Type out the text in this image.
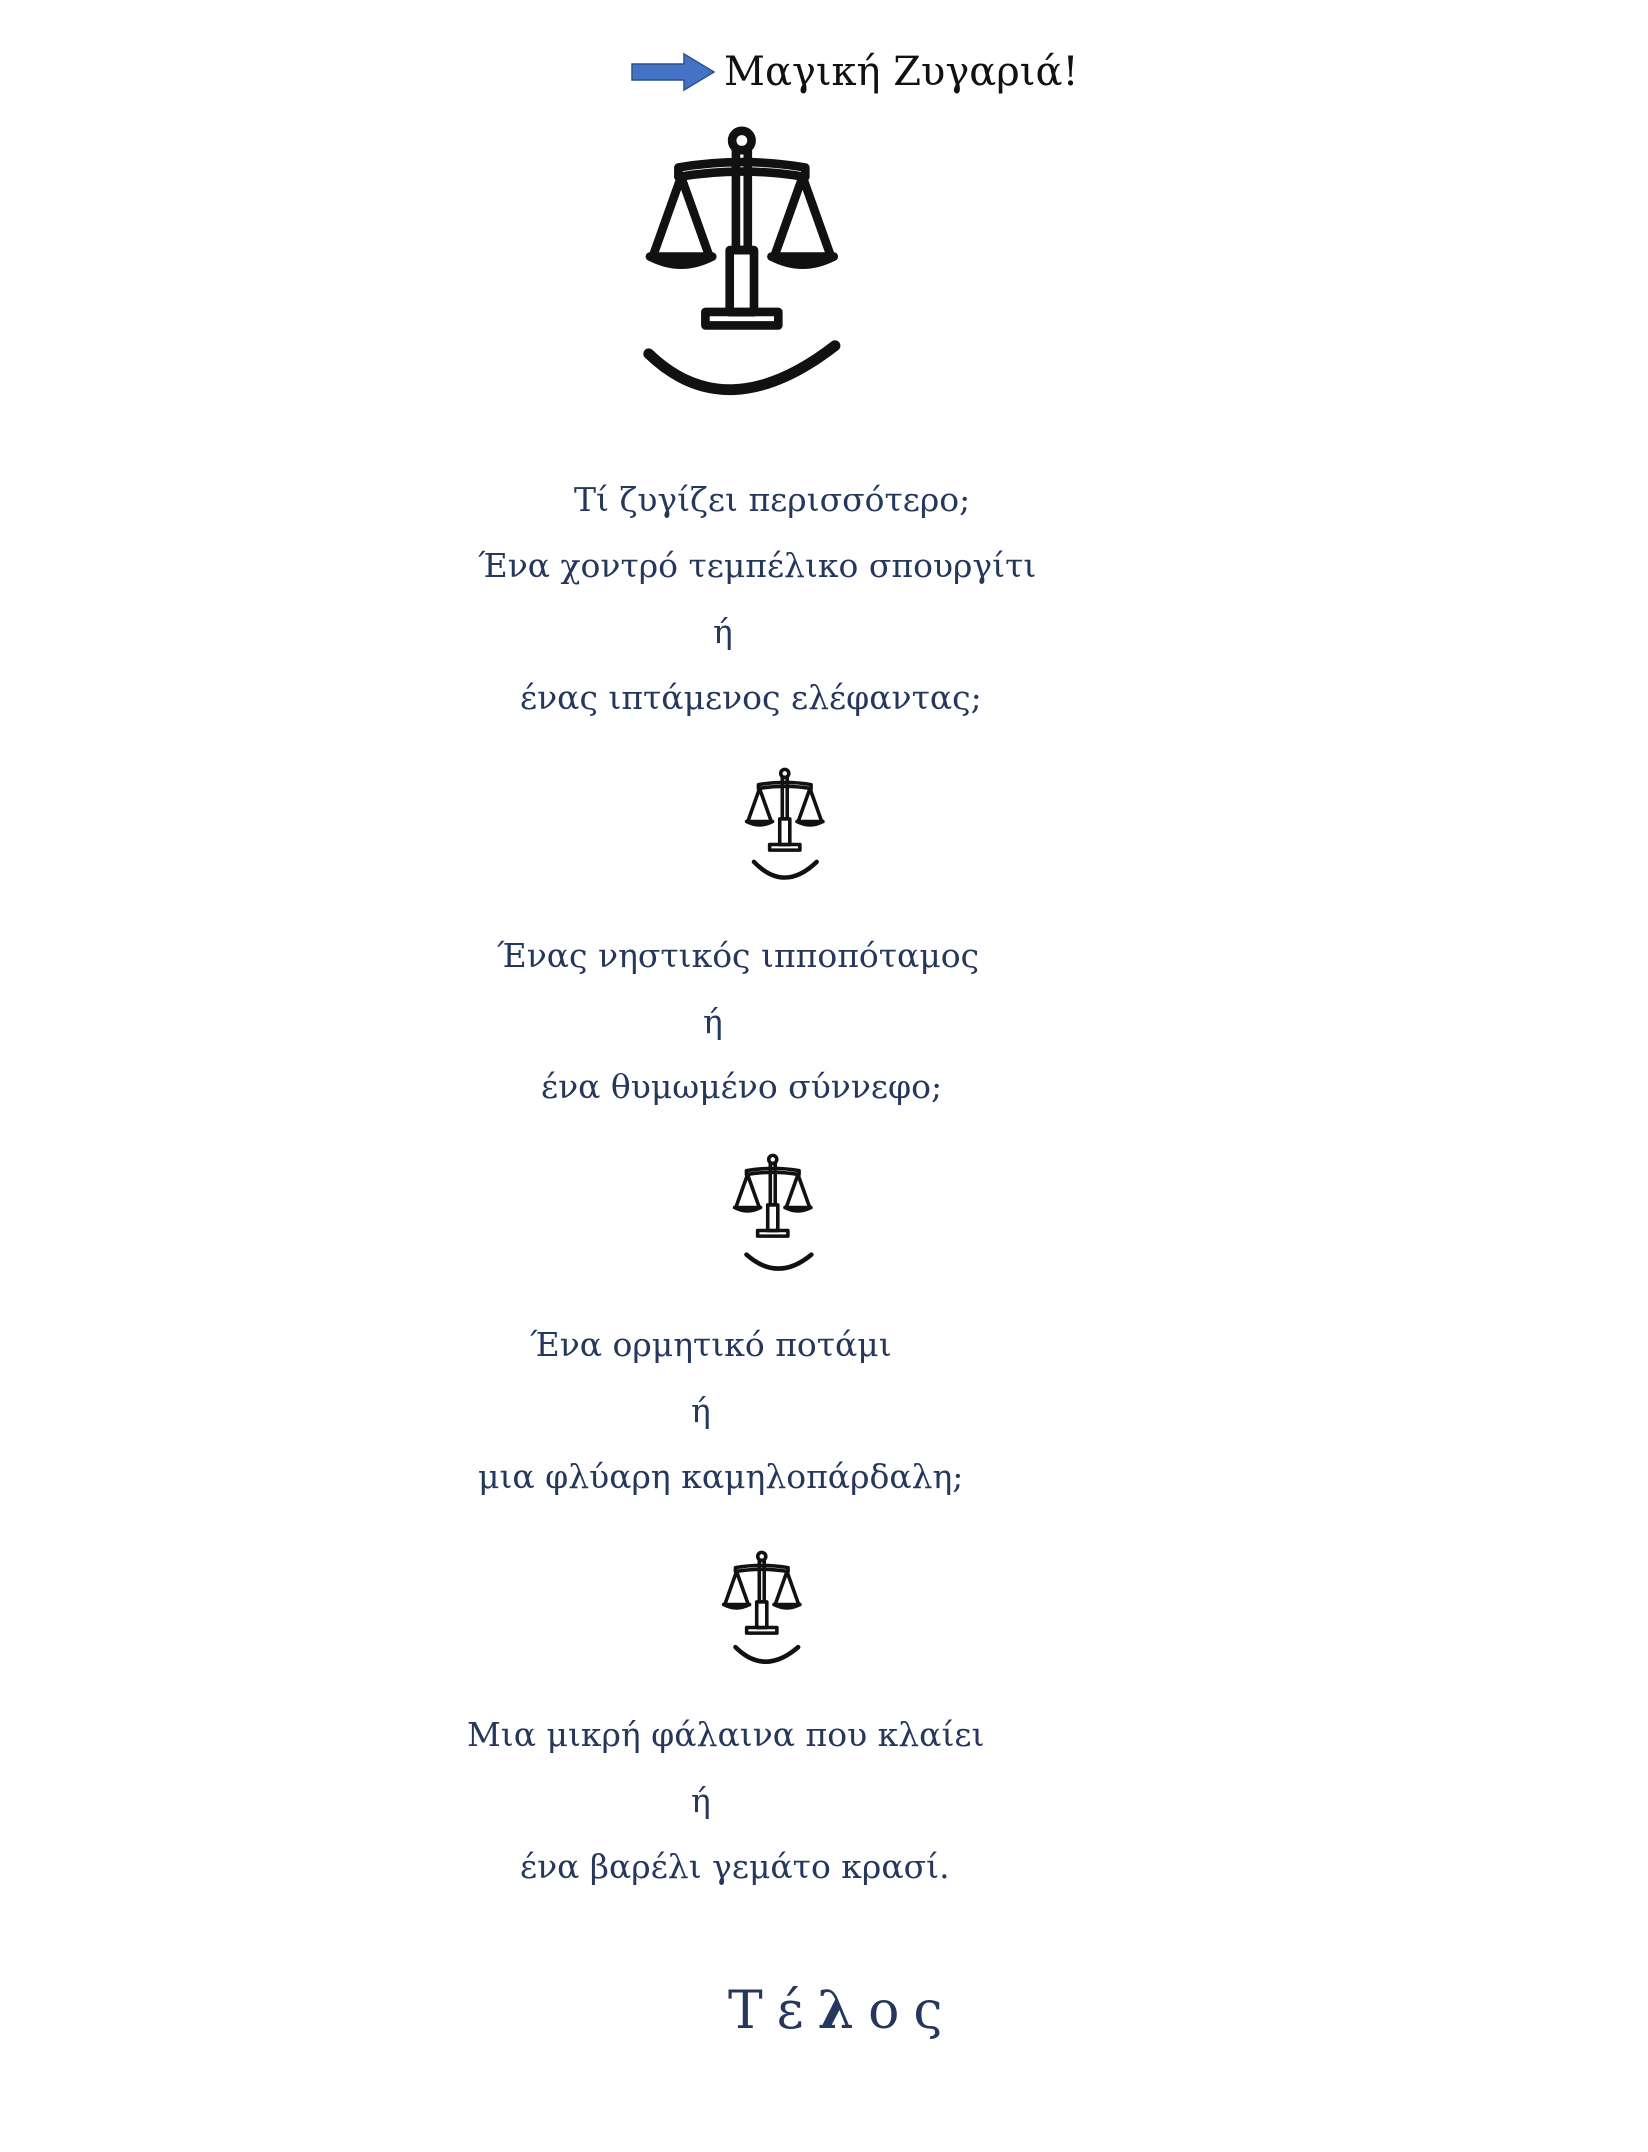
Μαγική Ζυγαριά!
Τί ζυγίζει περισσότερο;
Ένα χοντρό τεμπέλικο σπουργίτι
ή
ένας ιπτάμενος ελέφαντας;
Ένας νηστικός ιπποπόταμος
ή
ένα θυμωμένο σύννεφο;
Ένα ορμητικό ποτάμι
ή
μια φλύαρη καμηλοπάρδαλη;
Μια μικρή φάλαινα που κλαίει
ή
ένα βαρέλι γεμάτο κρασί.
Τέλος
